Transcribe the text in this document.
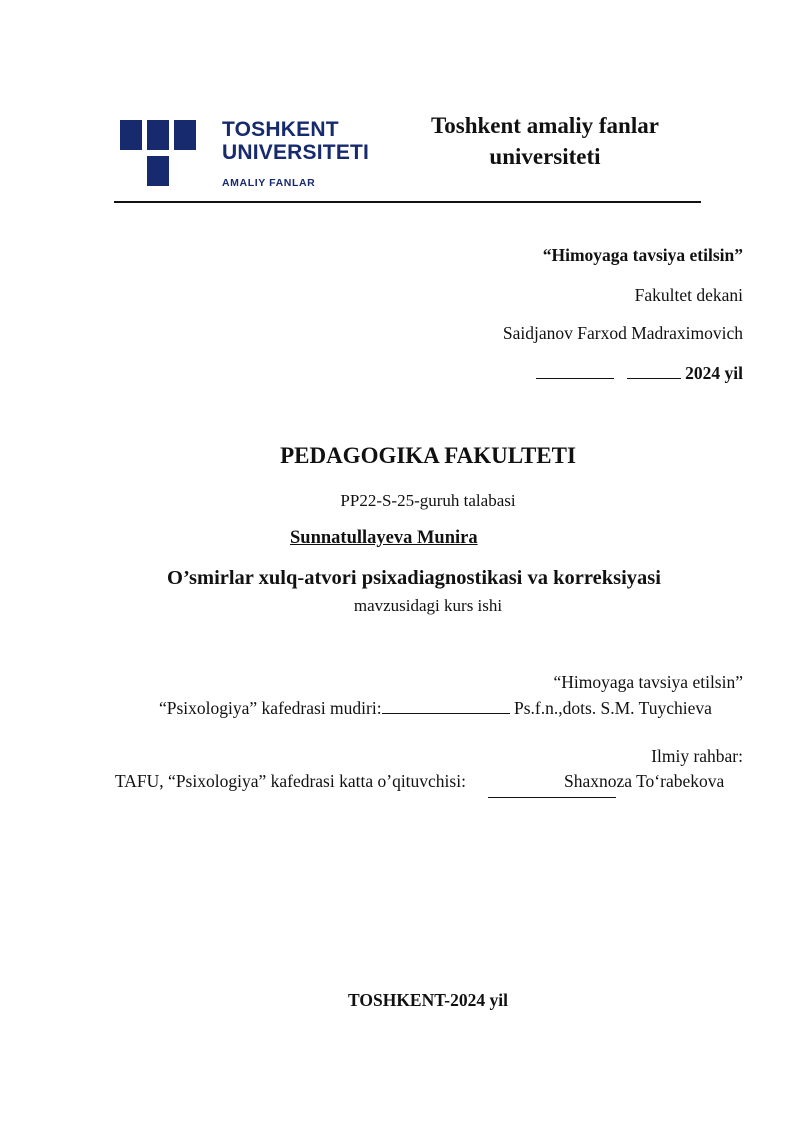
TOSHKENT
UNIVERSITETI
AMALIY FANLAR
Toshkent amaliy fanlar universiteti
“Himoyaga tavsiya etilsin”
Fakultet dekani
Saidjanov Farxod Madraximovich
2024 yil
PEDAGOGIKA FAKULTETI
PP22-S-25-guruh talabasi
Sunnatullayeva Munira
O’smirlar xulq-atvori psixadiagnostikasi va korreksiyasi
mavzusidagi kurs ishi
“Himoyaga tavsiya etilsin”
“Psixologiya” kafedrasi mudiri:	Ps.f.n.,dots. S.M. Tuychieva
Ilmiy rahbar:
TAFU, “Psixologiya” kafedrasi katta o’qituvchisi:	Shaxnoza To‘rabekova
TOSHKENT-2024 yil
